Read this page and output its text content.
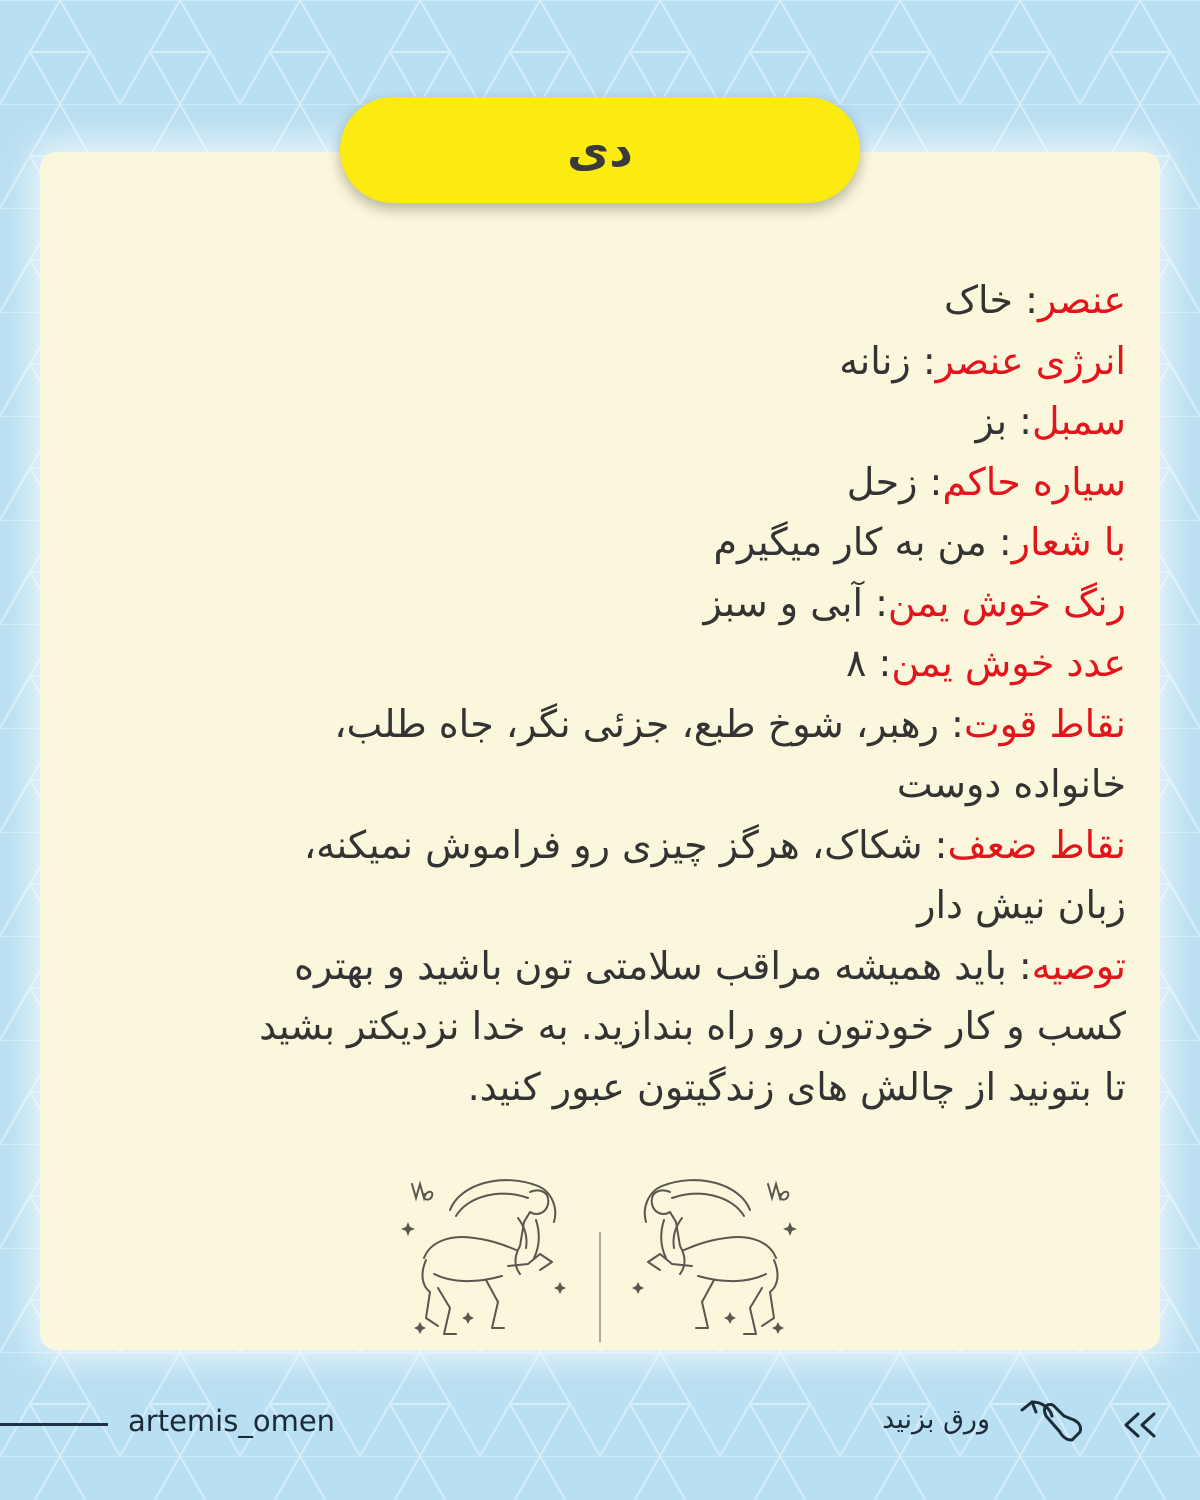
دی

عنصر: خاک

انرژی عنصر: زنانه

سمبل: بز

سیاره حاکم: زحل

با شعار: من به کار میگیرم

رنگ خوش یمن: آبی و سبز

عدد خوش یمن: ۸

نقاط قوت: رهبر، شوخ طبع، جزئی نگر، جاه طلب،

خانواده دوست

نقاط ضعف: شکاک، هرگز چیزی رو فراموش نمیکنه،

زبان نیش دار

توصیه: باید همیشه مراقب سلامتی تون باشید و بهتره

کسب و کار خودتون رو راه بندازید. به خدا نزدیکتر بشید

تا بتونید از چالش های زندگیتون عبور کنید.

artemis_omen	ورق بزنید
